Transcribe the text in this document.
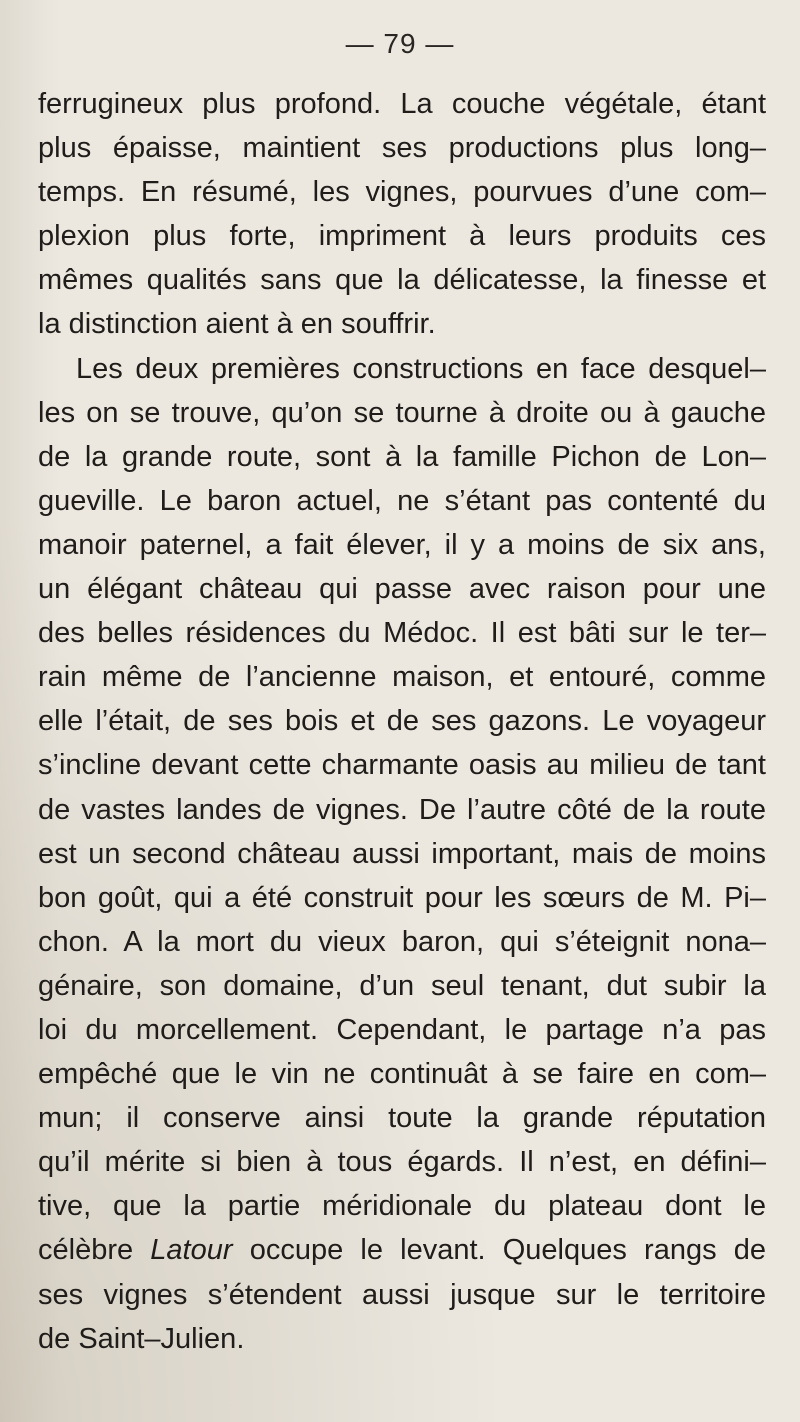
— 79 —
ferrugineux plus profond. La couche végétale, étant
plus épaisse, maintient ses productions plus long–
temps. En résumé, les vignes, pourvues d’une com–
plexion plus forte, impriment à leurs produits ces
mêmes qualités sans que la délicatesse, la finesse et
la distinction aient à en souffrir.
Les deux premières constructions en face desquel–
les on se trouve, qu’on se tourne à droite ou à gauche
de la grande route, sont à la famille Pichon de Lon–
gueville. Le baron actuel, ne s’étant pas contenté du
manoir paternel, a fait élever, il y a moins de six ans,
un élégant château qui passe avec raison pour une
des belles résidences du Médoc. Il est bâti sur le ter–
rain même de l’ancienne maison, et entouré, comme
elle l’était, de ses bois et de ses gazons. Le voyageur
s’incline devant cette charmante oasis au milieu de tant
de vastes landes de vignes. De l’autre côté de la route
est un second château aussi important, mais de moins
bon goût, qui a été construit pour les sœurs de M. Pi–
chon. A la mort du vieux baron, qui s’éteignit nona–
génaire, son domaine, d’un seul tenant, dut subir la
loi du morcellement. Cependant, le partage n’a pas
empêché que le vin ne continuât à se faire en com–
mun; il conserve ainsi toute la grande réputation
qu’il mérite si bien à tous égards. Il n’est, en défini–
tive, que la partie méridionale du plateau dont le
célèbre Latour occupe le levant. Quelques rangs de
ses vignes s’étendent aussi jusque sur le territoire
de Saint–Julien.
